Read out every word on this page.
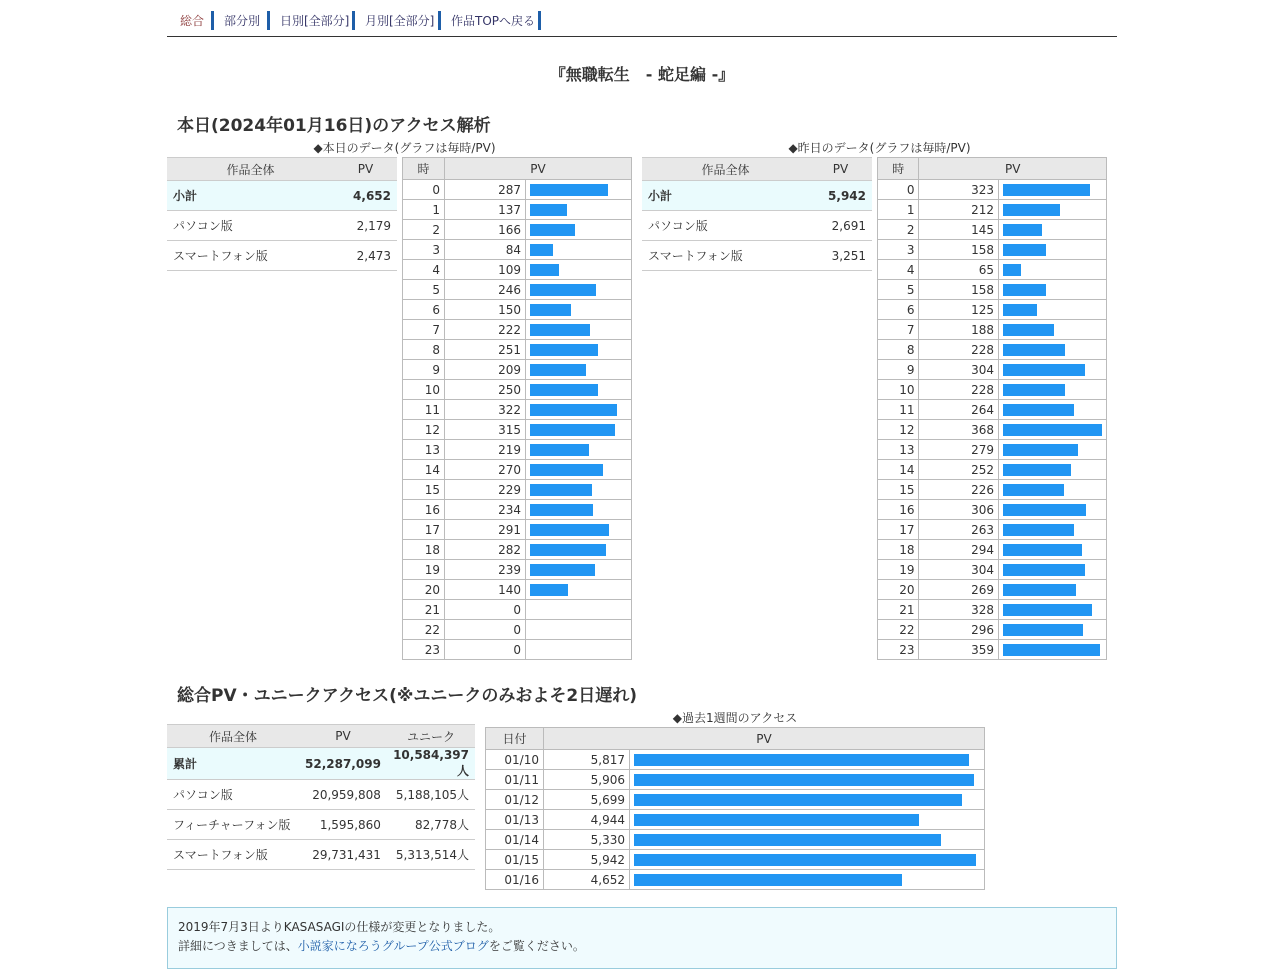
総合	部分別	日別[全部分]	月別[全部分]	作品TOPへ戻る
『無職転生　- 蛇足編 -』
本日(2024年01月16日)のアクセス解析
◆本日のデータ(グラフは毎時/PV)	◆昨日のデータ(グラフは毎時/PV)
作品全体	PV
小計	4,652
パソコン版	2,179
スマートフォン版	2,473
時	PV	
0	287	

1	137	

2	166	

3	84	

4	109	

5	246	

6	150	

7	222	

8	251	

9	209	

10	250	

11	322	

12	315	

13	219	

14	270	

15	229	

16	234	

17	291	

18	282	

19	239	

20	140	

21	0	

22	0	

23	0	
作品全体	PV
小計	5,942
パソコン版	2,691
スマートフォン版	3,251
時	PV	
0	323	

1	212	

2	145	

3	158	

4	65	

5	158	

6	125	

7	188	

8	228	

9	304	

10	228	

11	264	

12	368	

13	279	

14	252	

15	226	

16	306	

17	263	

18	294	

19	304	

20	269	

21	328	

22	296	

23	359	
総合PV・ユニークアクセス(※ユニークのみおよそ2日遅れ)
作品全体	PV	ユニーク
累計	52,287,099	10,584,397人
パソコン版	20,959,808	5,188,105人
フィーチャーフォン版	1,595,860	82,778人
スマートフォン版	29,731,431	5,313,514人
◆過去1週間のアクセス
日付	PV	
01/10	5,817	

01/11	5,906	

01/12	5,699	

01/13	4,944	

01/14	5,330	

01/15	5,942	

01/16	4,652	

2019年7月3日よりKASASAGIの仕様が変更となりました。

詳細につきましては、小説家になろうグループ公式ブログをご覧ください。
